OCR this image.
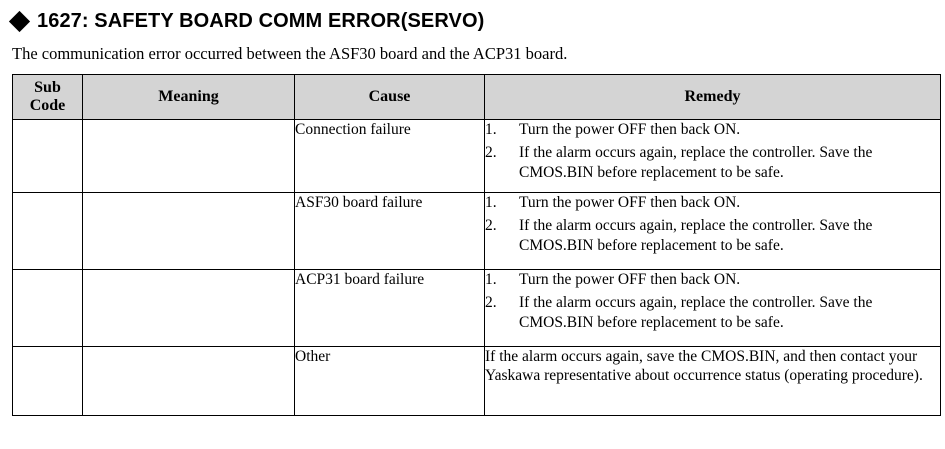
1627: SAFETY BOARD COMM ERROR(SERVO)

The communication error occurred between the ASF30 board and the ACP31 board.

Sub
Code	Meaning	Cause	Remedy
		Connection failure	1.	Turn the power OFF then back ON.
2.	If the alarm occurs again, replace the controller. Save the CMOS.BIN before replacement to be safe.

		ASF30 board failure	1.	Turn the power OFF then back ON.
2.	If the alarm occurs again, replace the controller. Save the CMOS.BIN before replacement to be safe.

		ACP31 board failure	1.	Turn the power OFF then back ON.
2.	If the alarm occurs again, replace the controller. Save the CMOS.BIN before replacement to be safe.

		Other	If the alarm occurs again, save the CMOS.BIN, and then contact your Yaskawa representative about occurrence status (operating procedure).
